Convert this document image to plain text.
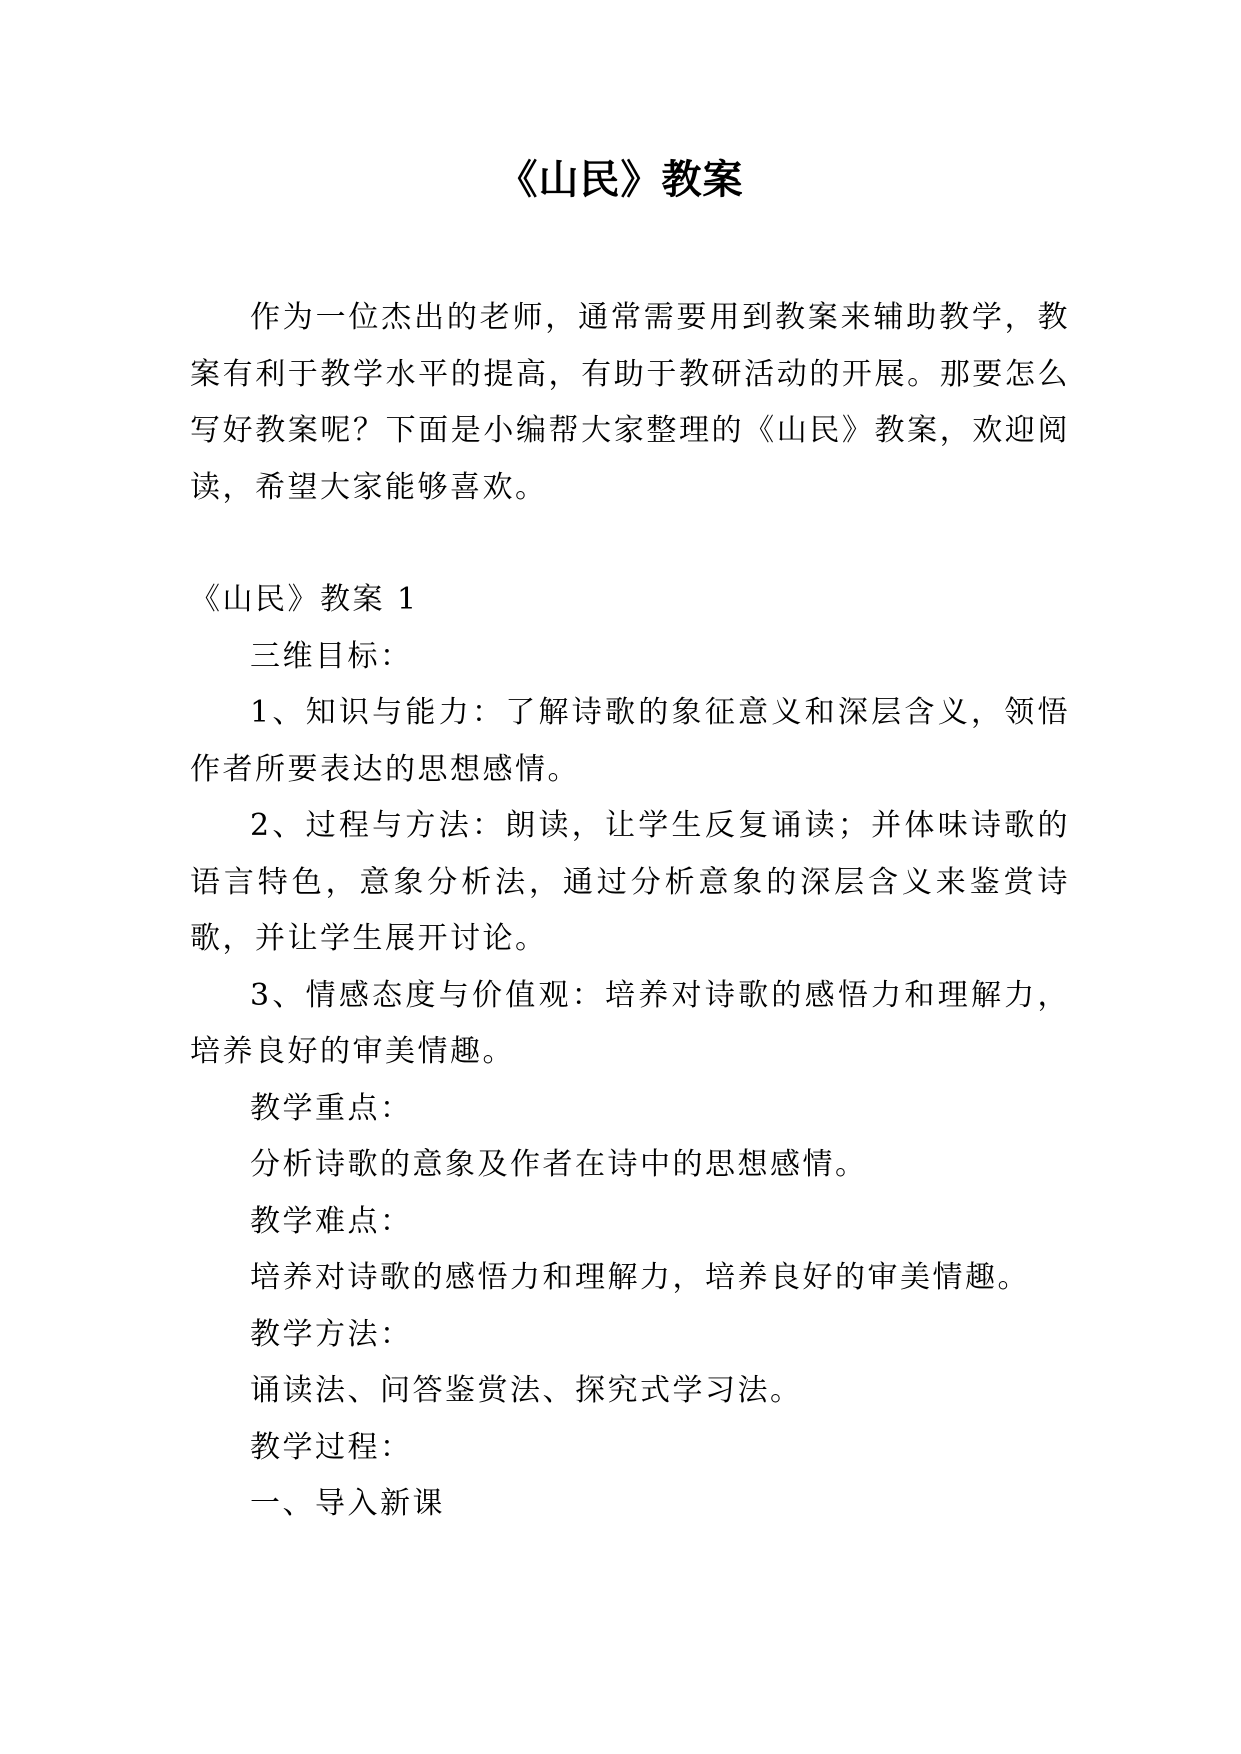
《山民》教案

作为一位杰出的老师，通常需要用到教案来辅助教学，教案有利于教学水平的提高，有助于教研活动的开展。那要怎么写好教案呢？下面是小编帮大家整理的《山民》教案，欢迎阅读，希望大家能够喜欢。

《山民》教案 1

三维目标：

1、知识与能力：了解诗歌的象征意义和深层含义，领悟作者所要表达的思想感情。

2、过程与方法：朗读，让学生反复诵读；并体味诗歌的语言特色，意象分析法，通过分析意象的深层含义来鉴赏诗歌，并让学生展开讨论。

3、情感态度与价值观：培养对诗歌的感悟力和理解力，培养良好的审美情趣。

教学重点：

分析诗歌的意象及作者在诗中的思想感情。

教学难点：

培养对诗歌的感悟力和理解力，培养良好的审美情趣。

教学方法：

诵读法、问答鉴赏法、探究式学习法。

教学过程：

一、导入新课
